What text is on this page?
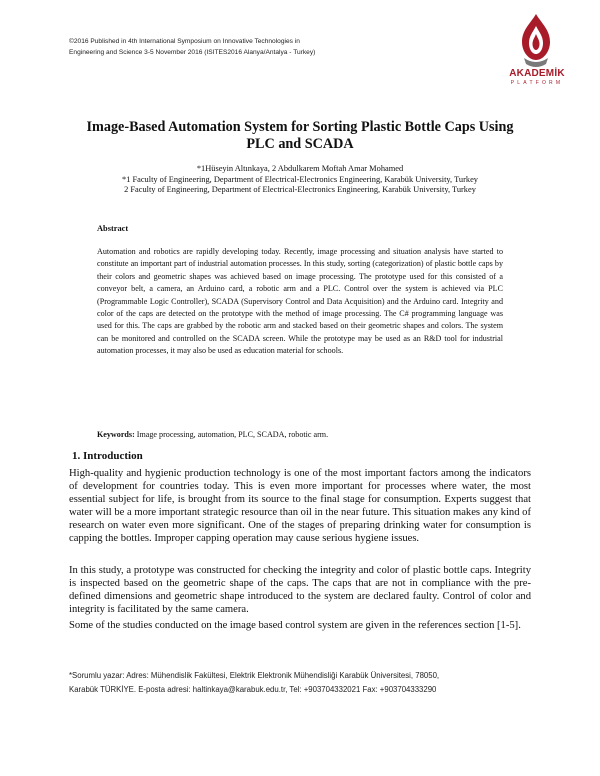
©2016 Published in 4th International Symposium on Innovative Technologies in
Engineering and Science 3-5 November 2016 (ISITES2016 Alanya/Antalya - Turkey)
AKADEMİK
PLATFORM
Image-Based Automation System for Sorting Plastic Bottle Caps Using
PLC and SCADA
*1Hüseyin Altınkaya, 2 Abdulkarem Moftah Amar Mohamed
*1 Faculty of Engineering, Department of Electrical-Electronics Engineering, Karabük University, Turkey
2 Faculty of Engineering, Department of Electrical-Electronics Engineering, Karabük University, Turkey
Abstract
Automation and robotics are rapidly developing today. Recently, image processing and situation analysis have started to constitute an important part of industrial automation processes. In this study, sorting (categorization) of plastic bottle caps by their colors and geometric shapes was achieved based on image processing. The prototype used for this consisted of a conveyor belt, a camera, an Arduino card, a robotic arm and a PLC. Control over the system is achieved via PLC (Programmable Logic Controller), SCADA (Supervisory Control and Data Acquisition) and the Arduino card. Integrity and color of the caps are detected on the prototype with the method of image processing. The C# programming language was used for this. The caps are grabbed by the robotic arm and stacked based on their geometric shapes and colors. The system can be monitored and controlled on the SCADA screen. While the prototype may be used as an R&D tool for industrial automation processes, it may also be used as education material for schools.
Keywords: Image processing, automation, PLC, SCADA, robotic arm.
1. Introduction

High-quality and hygienic production technology is one of the most important factors among the indicators of development for countries today. This is even more important for processes where water, the most essential subject for life, is brought from its source to the final stage for consumption. Experts suggest that water will be a more important strategic resource than oil in the near future. This situation makes any kind of research on water even more significant. One of the stages of preparing drinking water for consumption is capping the bottles. Improper capping operation may cause serious hygiene issues.

In this study, a prototype was constructed for checking the integrity and color of plastic bottle caps. Integrity is inspected based on the geometric shape of the caps. The caps that are not in compliance with the pre-defined dimensions and geometric shape introduced to the system are declared faulty. Control of color and integrity is facilitated by the same camera.

Some of the studies conducted on the image based control system are given in the references section [1-5].

*Sorumlu yazar: Adres: Mühendislik Fakültesi, Elektrik Elektronik Mühendisliği Karabük Üniversitesi, 78050,
Karabük TÜRKİYE. E-posta adresi: haltinkaya@karabuk.edu.tr, Tel: +903704332021 Fax: +903704333290
